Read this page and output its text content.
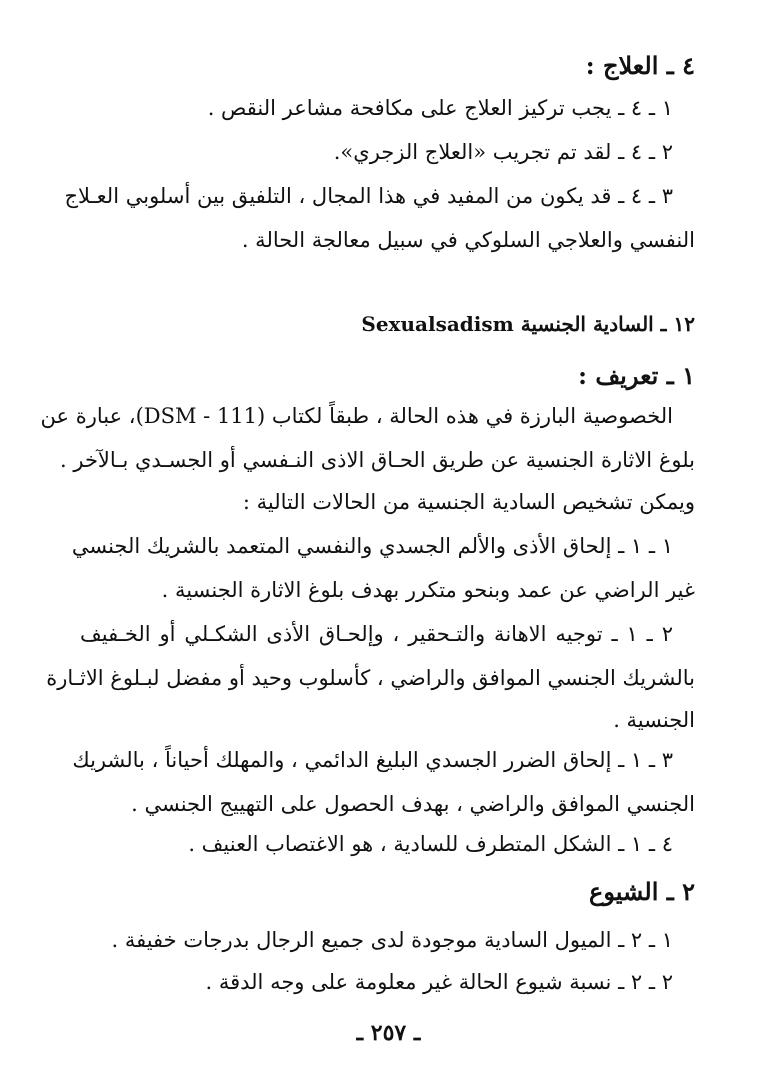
٤ ـ العلاج :
١ ـ ٤ ـ يجب تركيز العلاج على مكافحة مشاعر النقص .
٢ ـ ٤ ـ لقد تم تجريب «العلاج الزجري».
٣ ـ ٤ ـ قد يكون من المفيد في هذا المجال ، التلفيق بين أسلوبي العـلاج
النفسي والعلاجي السلوكي في سبيل معالجة الحالة .
١٢ ـ السادية الجنسية Sexualsadism
١ ـ تعريف :
الخصوصية البارزة في هذه الحالة ، طبقاً لكتاب (DSM - 111)، عبارة عن
بلوغ الاثارة الجنسية عن طريق الحـاق الاذى النـفسي أو الجسـدي بـالآخر .
ويمكن تشخيص السادية الجنسية من الحالات التالية :
١ ـ ١ ـ إلحاق الأذى والألم الجسدي والنفسي المتعمد بالشريك الجنسي
غير الراضي عن عمد وبنحو متكرر بهدف بلوغ الاثارة الجنسية .
٢ ـ ١ ـ توجيه الاهانة والتـحقير ، وإلحـاق الأذى الشكـلي أو الخـفيف
بالشريك الجنسي الموافق والراضي ، كأسلوب وحيد أو مفضل لبـلوغ الاثـارة
الجنسية .
٣ ـ ١ ـ إلحاق الضرر الجسدي البليغ الدائمي ، والمهلك أحياناً ، بالشريك
الجنسي الموافق والراضي ، بهدف الحصول على التهييج الجنسي .
٤ ـ ١ ـ الشكل المتطرف للسادية ، هو الاغتصاب العنيف .
٢ ـ الشيوع
١ ـ ٢ ـ الميول السادية موجودة لدى جميع الرجال بدرجات خفيفة .
٢ ـ ٢ ـ نسبة شيوع الحالة غير معلومة على وجه الدقة .
ـ ٢٥٧ ـ
